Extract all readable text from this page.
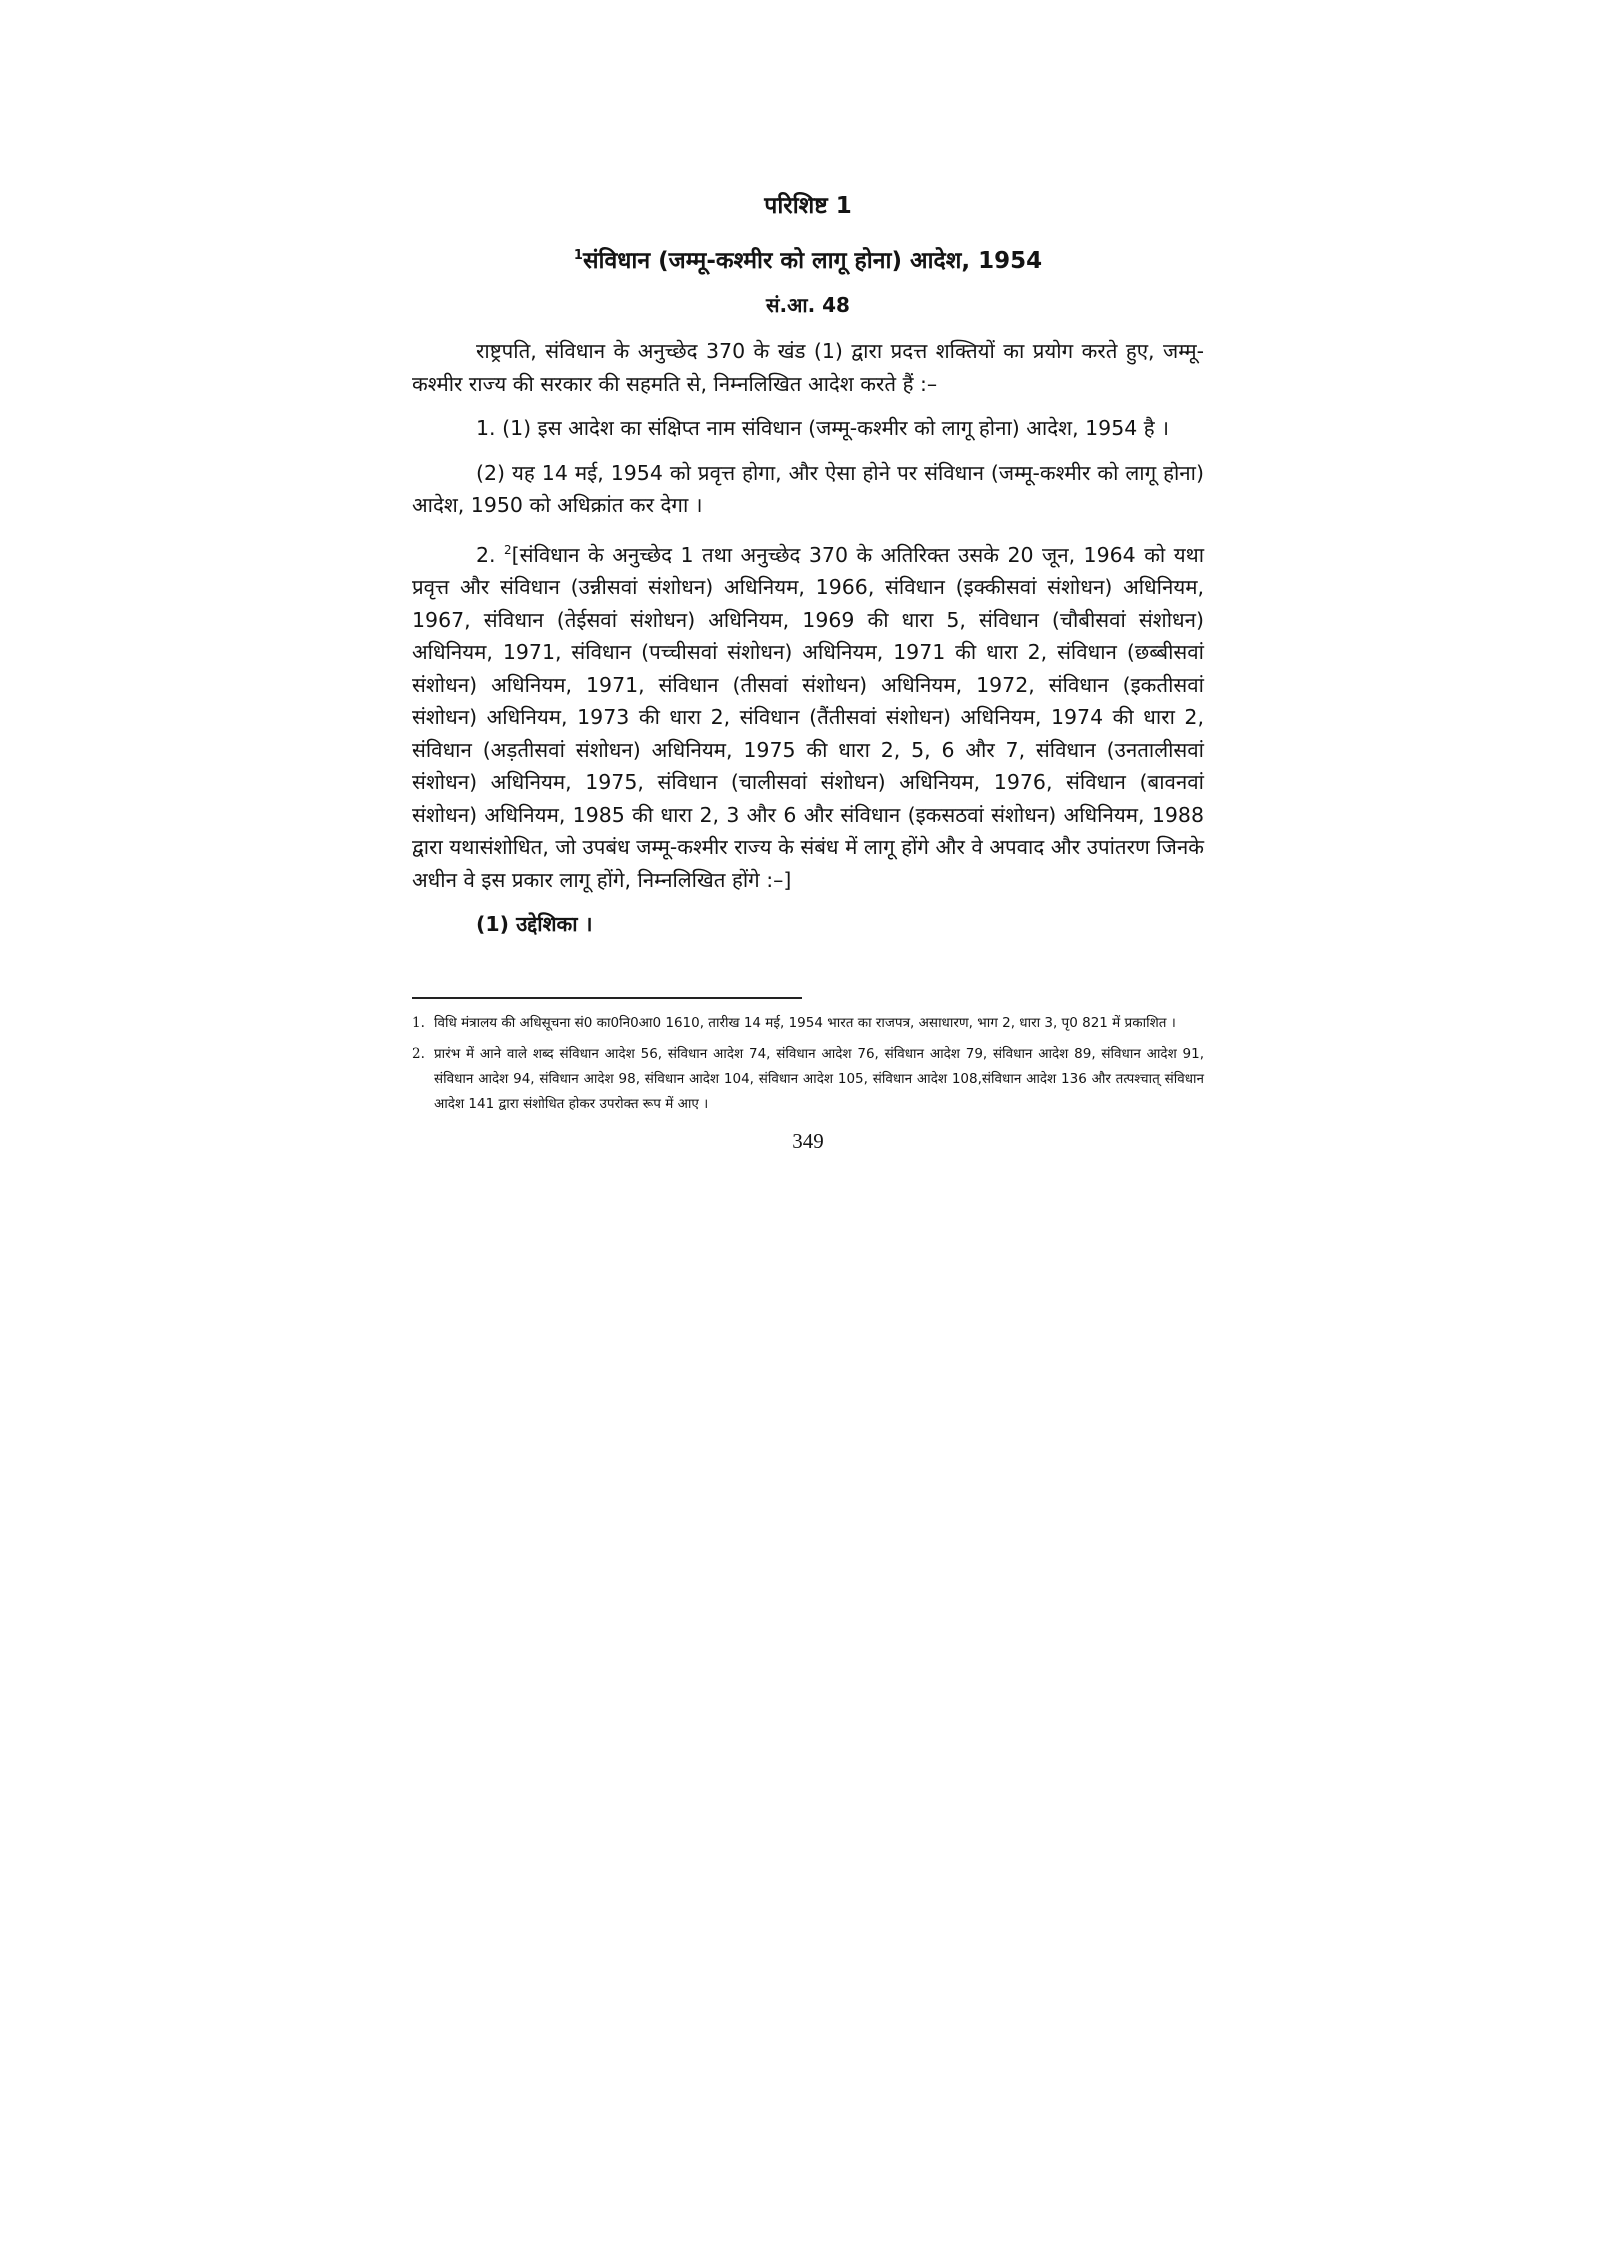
परिशिष्ट 1

$^1$संविधान (जम्मू-कश्मीर को लागू होना) आदेश, 1954

सं.आ. 48

राष्ट्रपति, संविधान के अनुच्छेद 370 के खंड (1) द्वारा प्रदत्त शक्तियों का प्रयोग करते हुए, जम्मू-कश्मीर राज्य की सरकार की सहमति से, निम्नलिखित आदेश करते हैं :–

1. (1) इस आदेश का संक्षिप्त नाम संविधान (जम्मू-कश्मीर को लागू होना) आदेश, 1954 है ।

(2) यह 14 मई, 1954 को प्रवृत्त होगा, और ऐसा होने पर संविधान (जम्मू-कश्मीर को लागू होना) आदेश, 1950 को अधिक्रांत कर देगा ।

2. $^2$[संविधान के अनुच्छेद 1 तथा अनुच्छेद 370 के अतिरिक्त उसके 20 जून, 1964 को यथा प्रवृत्त और संविधान (उन्नीसवां संशोधन) अधिनियम, 1966, संविधान (इक्कीसवां संशोधन) अधिनियम, 1967, संविधान (तेईसवां संशोधन) अधिनियम, 1969 की धारा 5, संविधान (चौबीसवां संशोधन) अधिनियम, 1971, संविधान (पच्चीसवां संशोधन) अधिनियम, 1971 की धारा 2, संविधान (छब्बीसवां संशोधन) अधिनियम, 1971, संविधान (तीसवां संशोधन) अधिनियम, 1972, संविधान (इकतीसवां संशोधन) अधिनियम, 1973 की धारा 2, संविधान (तैंतीसवां संशोधन) अधिनियम, 1974 की धारा 2, संविधान (अड़तीसवां संशोधन) अधिनियम, 1975 की धारा 2, 5, 6 और 7, संविधान (उनतालीसवां संशोधन) अधिनियम, 1975, संविधान (चालीसवां संशोधन) अधिनियम, 1976, संविधान (बावनवां संशोधन) अधिनियम, 1985 की धारा 2, 3 और 6 और संविधान (इकसठवां संशोधन) अधिनियम, 1988 द्वारा यथासंशोधित, जो उपबंध जम्मू-कश्मीर राज्य के संबंध में लागू होंगे और वे अपवाद और उपांतरण जिनके अधीन वे इस प्रकार लागू होंगे, निम्नलिखित होंगे :–]

(1) उद्देशिका ।

1. विधि मंत्रालय की अधिसूचना सं0 का0नि0आ0 1610, तारीख 14 मई, 1954 भारत का राजपत्र, असाधारण, भाग 2, धारा 3, पृ0 821 में प्रकाशित ।

2. प्रारंभ में आने वाले शब्द संविधान आदेश 56, संविधान आदेश 74, संविधान आदेश 76, संविधान आदेश 79, संविधान आदेश 89, संविधान आदेश 91, संविधान आदेश 94, संविधान आदेश 98, संविधान आदेश 104, संविधान आदेश 105, संविधान आदेश 108,संविधान आदेश 136 और तत्पश्चात् संविधान आदेश 141 द्वारा संशोधित होकर उपरोक्त रूप में आए ।

349
